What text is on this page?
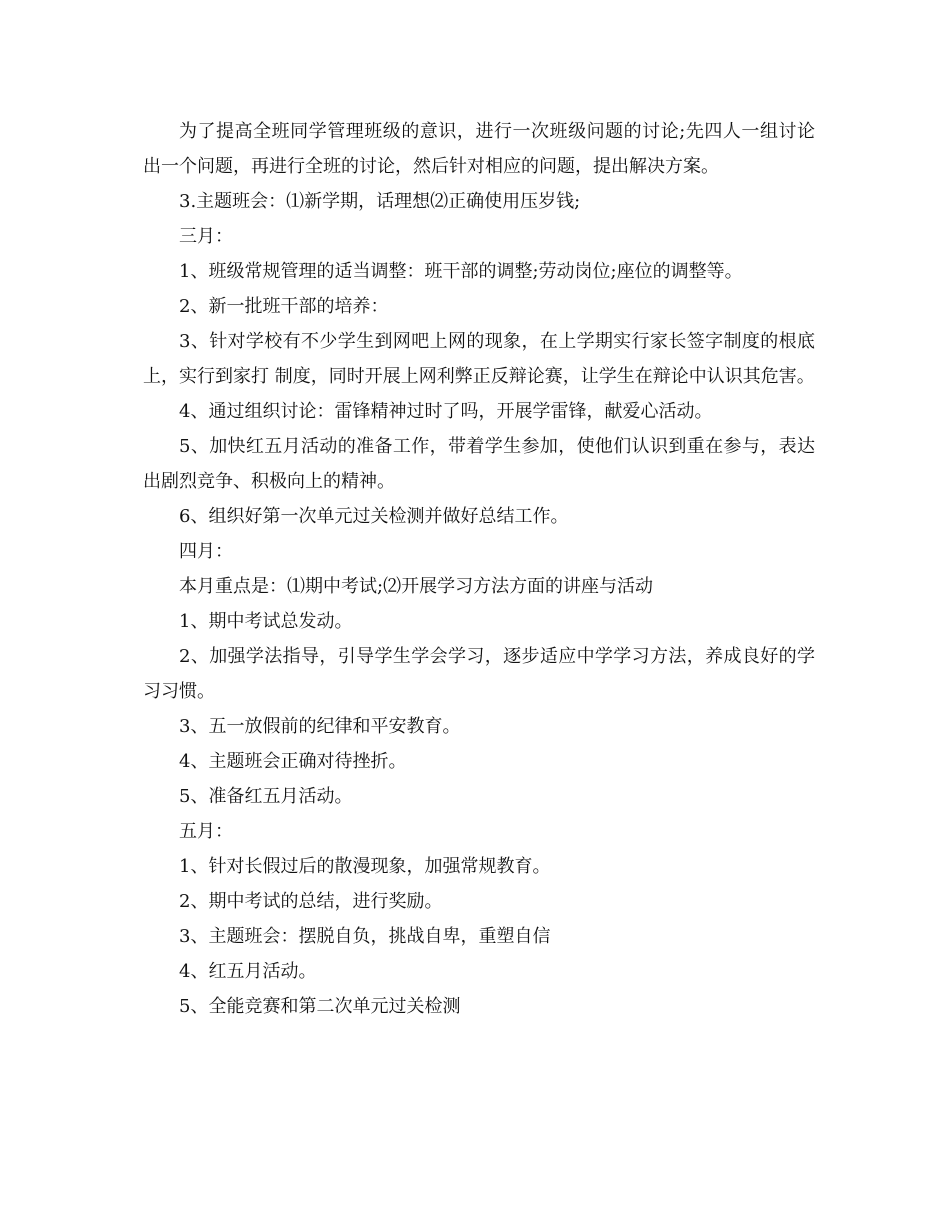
为了提高全班同学管理班级的意识，进行一次班级问题的讨论;先四人一组讨论出一个问题，再进行全班的讨论，然后针对相应的问题，提出解决方案。

3.主题班会：⑴新学期，话理想⑵正确使用压岁钱;

三月：

1、班级常规管理的适当调整：班干部的调整;劳动岗位;座位的调整等。

2、新一批班干部的培养：

3、针对学校有不少学生到网吧上网的现象，在上学期实行家长签字制度的根底上，实行到家打 制度，同时开展上网利弊正反辩论赛，让学生在辩论中认识其危害。

4、通过组织讨论：雷锋精神过时了吗，开展学雷锋，献爱心活动。

5、加快红五月活动的准备工作，带着学生参加，使他们认识到重在参与，表达出剧烈竞争、积极向上的精神。

6、组织好第一次单元过关检测并做好总结工作。

四月：

本月重点是：⑴期中考试;⑵开展学习方法方面的讲座与活动

1、期中考试总发动。

2、加强学法指导，引导学生学会学习，逐步适应中学学习方法，养成良好的学习习惯。

3、五一放假前的纪律和平安教育。

4、主题班会正确对待挫折。

5、准备红五月活动。

五月：

1、针对长假过后的散漫现象，加强常规教育。

2、期中考试的总结，进行奖励。

3、主题班会：摆脱自负，挑战自卑，重塑自信

4、红五月活动。

5、全能竞赛和第二次单元过关检测
